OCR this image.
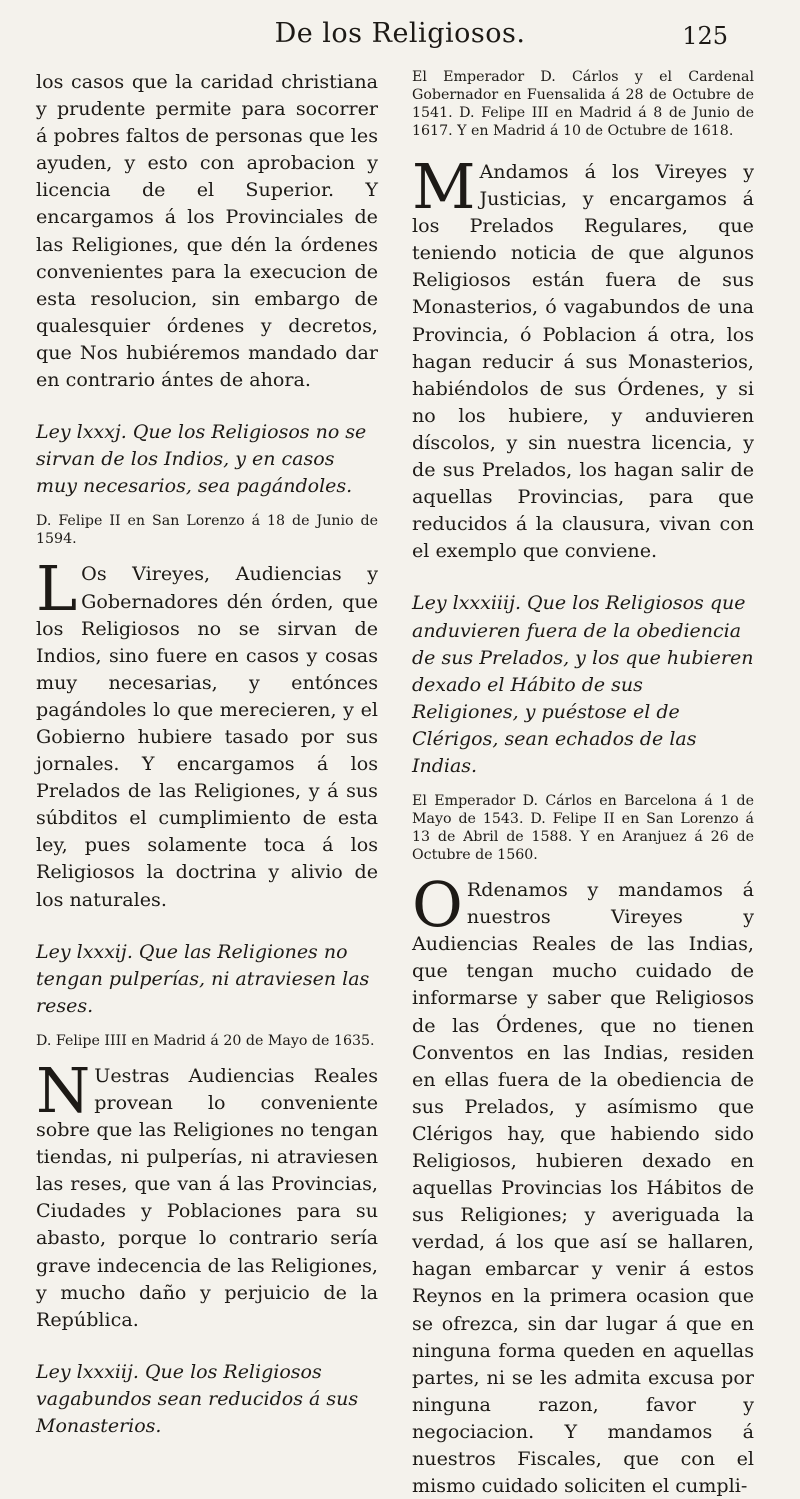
De los Religiosos.	125

los casos que la caridad christiana y prudente permite para socorrer á pobres faltos de personas que les ayuden, y esto con aprobacion y licencia de el Superior. Y encargamos á los Provinciales de las Religiones, que dén la órdenes convenientes para la execucion de esta resolucion, sin embargo de qualesquier órdenes y decretos, que Nos hubiéremos mandado dar en contrario ántes de ahora.

Ley lxxxj. Que los Religiosos no se sirvan de los Indios, y en casos muy necesarios, sea pagándoles.

D. Felipe II en San Lorenzo á 18 de Junio de 1594.

L Os Vireyes, Audiencias y Gobernadores dén órden, que los Religiosos no se sirvan de Indios, sino fuere en casos y cosas muy necesarias, y entónces pagándoles lo que merecieren, y el Gobierno hubiere tasado por sus jornales. Y encargamos á los Prelados de las Religiones, y á sus súbditos el cumplimiento de esta ley, pues solamente toca á los Religiosos la doctrina y alivio de los naturales.

Ley lxxxij. Que las Religiones no tengan pulperías, ni atraviesen las reses.

D. Felipe IIII en Madrid á 20 de Mayo de 1635.

N Uestras Audiencias Reales provean lo conveniente sobre que las Religiones no tengan tiendas, ni pulperías, ni atraviesen las reses, que van á las Provincias, Ciudades y Poblaciones para su abasto, porque lo contrario sería grave indecencia de las Religiones, y mucho daño y perjuicio de la República.

Ley lxxxiij. Que los Religiosos vagabundos sean reducidos á sus Monasterios.

El Emperador D. Cárlos y el Cardenal Gobernador en Fuensalida á 28 de Octubre de 1541. D. Felipe III en Madrid á 8 de Junio de 1617. Y en Madrid á 10 de Octubre de 1618.

M Andamos á los Vireyes y Justicias, y encargamos á los Prelados Regulares, que teniendo noticia de que algunos Religiosos están fuera de sus Monasterios, ó vagabundos de una Provincia, ó Poblacion á otra, los hagan reducir á sus Monasterios, habiéndolos de sus Órdenes, y si no los hubiere, y anduvieren díscolos, y sin nuestra licencia, y de sus Prelados, los hagan salir de aquellas Provincias, para que reducidos á la clausura, vivan con el exemplo que conviene.

Ley lxxxiiij. Que los Religiosos que anduvieren fuera de la obediencia de sus Prelados, y los que hubieren dexado el Hábito de sus Religiones, y puéstose el de Clérigos, sean echados de las Indias.

El Emperador D. Cárlos en Barcelona á 1 de Mayo de 1543. D. Felipe II en San Lorenzo á 13 de Abril de 1588. Y en Aranjuez á 26 de Octubre de 1560.

O Rdenamos y mandamos á nuestros Vireyes y Audiencias Reales de las Indias, que tengan mucho cuidado de informarse y saber que Religiosos de las Órdenes, que no tienen Conventos en las Indias, residen en ellas fuera de la obediencia de sus Prelados, y asímismo que Clérigos hay, que habiendo sido Religiosos, hubieren dexado en aquellas Provincias los Hábitos de sus Religiones; y averiguada la verdad, á los que así se hallaren, hagan embarcar y venir á estos Reynos en la primera ocasion que se ofrezca, sin dar lugar á que en ninguna forma queden en aquellas partes, ni se les admita excusa por ninguna razon, favor y negociacion. Y mandamos á nuestros Fiscales, que con el mismo cuidado soliciten el cumpli-
